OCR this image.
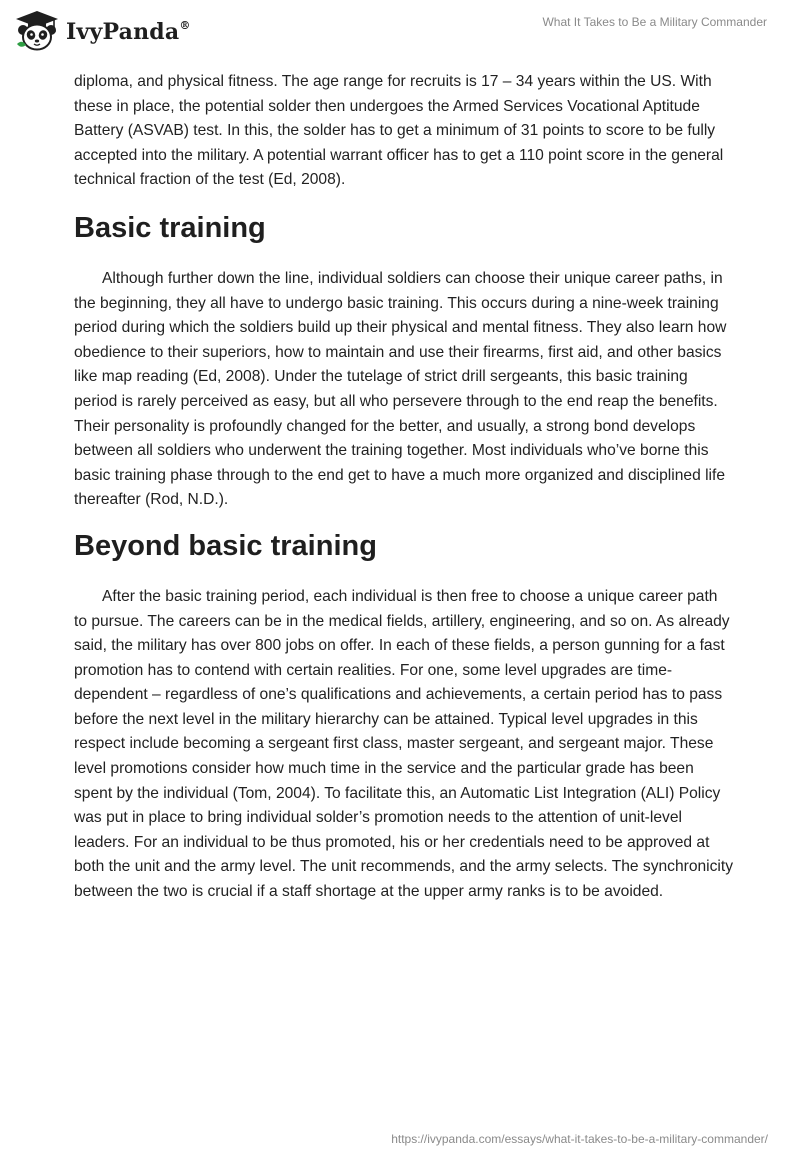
IvyPanda®	What It Takes to Be a Military Commander

diploma, and physical fitness. The age range for recruits is 17 – 34 years within the US. With these in place, the potential solder then undergoes the Armed Services Vocational Aptitude Battery (ASVAB) test. In this, the solder has to get a minimum of 31 points to score to be fully accepted into the military. A potential warrant officer has to get a 110 point score in the general technical fraction of the test (Ed, 2008).

Basic training

Although further down the line, individual soldiers can choose their unique career paths, in the beginning, they all have to undergo basic training. This occurs during a nine-week training period during which the soldiers build up their physical and mental fitness. They also learn how obedience to their superiors, how to maintain and use their firearms, first aid, and other basics like map reading (Ed, 2008). Under the tutelage of strict drill sergeants, this basic training period is rarely perceived as easy, but all who persevere through to the end reap the benefits. Their personality is profoundly changed for the better, and usually, a strong bond develops between all soldiers who underwent the training together. Most individuals who’ve borne this basic training phase through to the end get to have a much more organized and disciplined life thereafter (Rod, N.D.).

Beyond basic training

After the basic training period, each individual is then free to choose a unique career path to pursue. The careers can be in the medical fields, artillery, engineering, and so on. As already said, the military has over 800 jobs on offer. In each of these fields, a person gunning for a fast promotion has to contend with certain realities. For one, some level upgrades are time-dependent – regardless of one’s qualifications and achievements, a certain period has to pass before the next level in the military hierarchy can be attained. Typical level upgrades in this respect include becoming a sergeant first class, master sergeant, and sergeant major. These level promotions consider how much time in the service and the particular grade has been spent by the individual (Tom, 2004). To facilitate this, an Automatic List Integration (ALI) Policy was put in place to bring individual solder’s promotion needs to the attention of unit-level leaders. For an individual to be thus promoted, his or her credentials need to be approved at both the unit and the army level. The unit recommends, and the army selects. The synchronicity between the two is crucial if a staff shortage at the upper army ranks is to be avoided.

https://ivypanda.com/essays/what-it-takes-to-be-a-military-commander/
